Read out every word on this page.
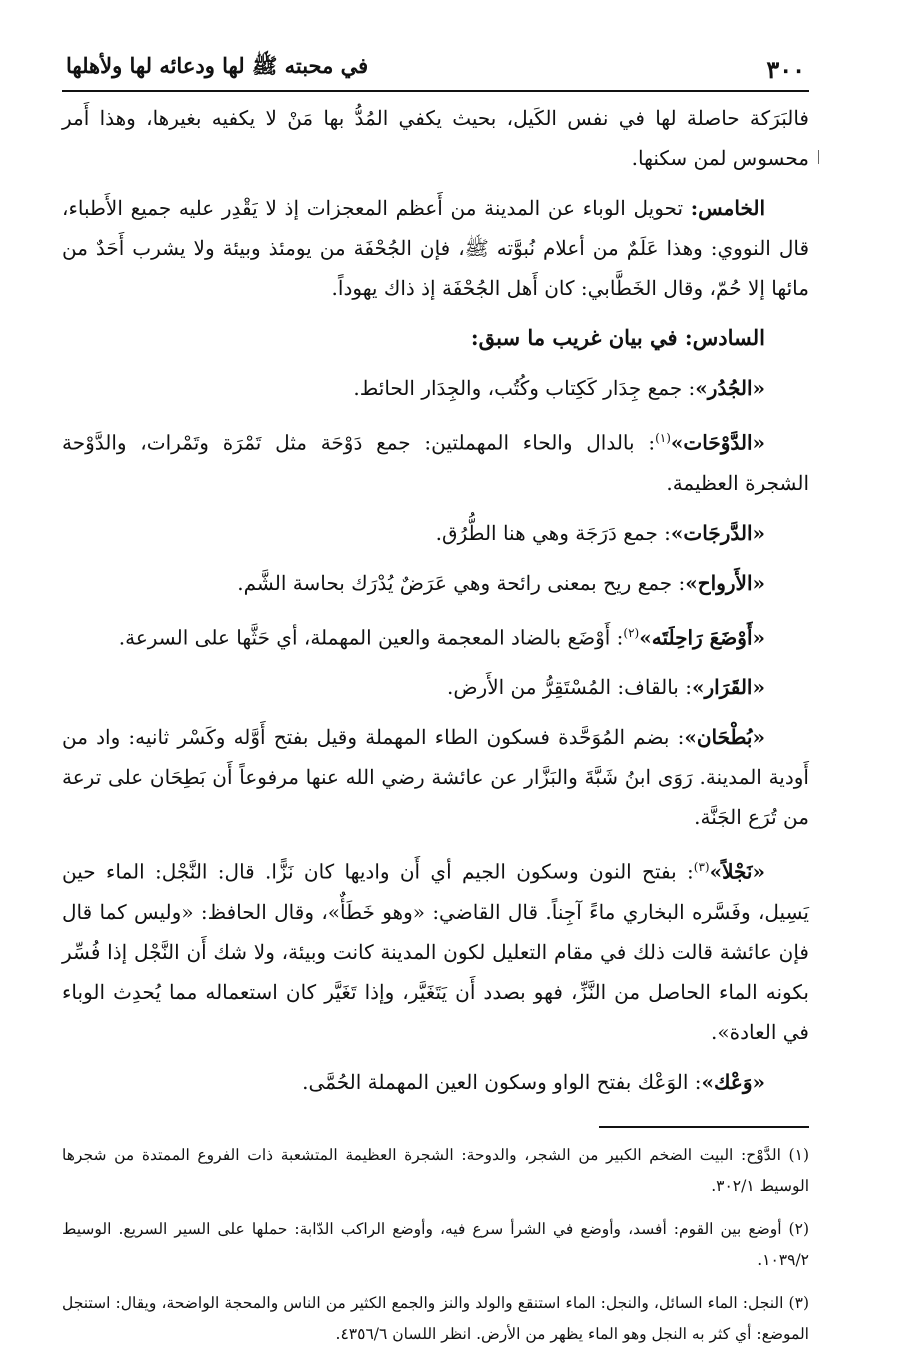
٣٠٠
في محبته ﷺ لها ودعائه لها ولأهلها

فالبَرَكة حاصلة لها في نفس الكَيل، بحيث يكفي المُدُّ بها مَنْ لا يكفيه بغيرها، وهذا أَمر محسوس لمن سكنها.

الخامس: تحويل الوباء عن المدينة من أَعظم المعجزات إذ لا يَقْدِر عليه جميع الأَطباء، قال النووي: وهذا عَلَمٌ من أعلام نُبوَّته ﷺ، فإن الجُحْفَة من يومئذ وبيئة ولا يشرب أَحَدٌ من مائها إلا حُمّ، وقال الخَطَّابي: كان أَهل الجُحْفَة إذ ذاك يهوداً.

السادس: في بيان غريب ما سبق:

«الجُدُر»: جمع جِدَار كَكِتاب وكُتُب، والجِدَار الحائط.

«الدَّوْحَات»$^{(١)}$: بالدال والحاء المهملتين: جمع دَوْحَة مثل تَمْرَة وتَمْرات، والدَّوْحة الشجرة العظيمة.

«الدَّرجَات»: جمع دَرَجَة وهي هنا الطُّرُق.

«الأَرواح»: جمع ريح بمعنى رائحة وهي عَرَضٌ يُدْرَك بحاسة الشَّم.

«أَوْضَعَ رَاحِلَتَه»$^{(٢)}$: أَوْضَع بالضاد المعجمة والعين المهملة، أي حَثَّها على السرعة.

«القَرَار»: بالقاف: المُسْتَقِرُّ من الأَرض.

«بُطْحَان»: بضم المُوَحَّدة فسكون الطاء المهملة وقيل بفتح أَوَّله وكَسْر ثانيه: واد من أَودية المدينة. رَوَى ابنُ شَبَّةَ والبَزَّار عن عائشة رضي الله عنها مرفوعاً أَن بَطِحَان على ترعة من تُرَع الجَنَّة.

«نَجْلاً»$^{(٣)}$: بفتح النون وسكون الجيم أي أَن واديها كان نَزًّا. قال: النَّجْل: الماء حين يَسِيل، وفَسَّره البخاري ماءً آجِناً. قال القاضي: «وهو خَطَأٌ»، وقال الحافظ: «وليس كما قال فإن عائشة قالت ذلك في مقام التعليل لكون المدينة كانت وبيئة، ولا شك أَن النَّجْل إذا فُسِّر بكونه الماء الحاصل من النَّزِّ، فهو بصدد أَن يَتَغَيَّر، وإذا تَغَيَّر كان استعماله مما يُحدِث الوباء في العادة».

«وَعْك»: الوَعْك بفتح الواو وسكون العين المهملة الحُمَّى.

(١) الدَّوْح: البيت الضخم الكبير من الشجر، والدوحة: الشجرة العظيمة المتشعبة ذات الفروع الممتدة من شجرها الوسيط ٣٠٢/١.

(٢) أوضع بين القوم: أفسد، وأوضع في الشرأ سرع فيه، وأوضع الراكب الدّابة: حملها على السير السريع. الوسيط ١٠٣٩/٢.

(٣) النجل: الماء السائل، والنجل: الماء استنقع والولد والنز والجمع الكثير من الناس والمحجة الواضحة، ويقال: استنجل الموضع: أي كثر به النجل وهو الماء يظهر من الأرض. انظر اللسان ٤٣٥٦/٦.
